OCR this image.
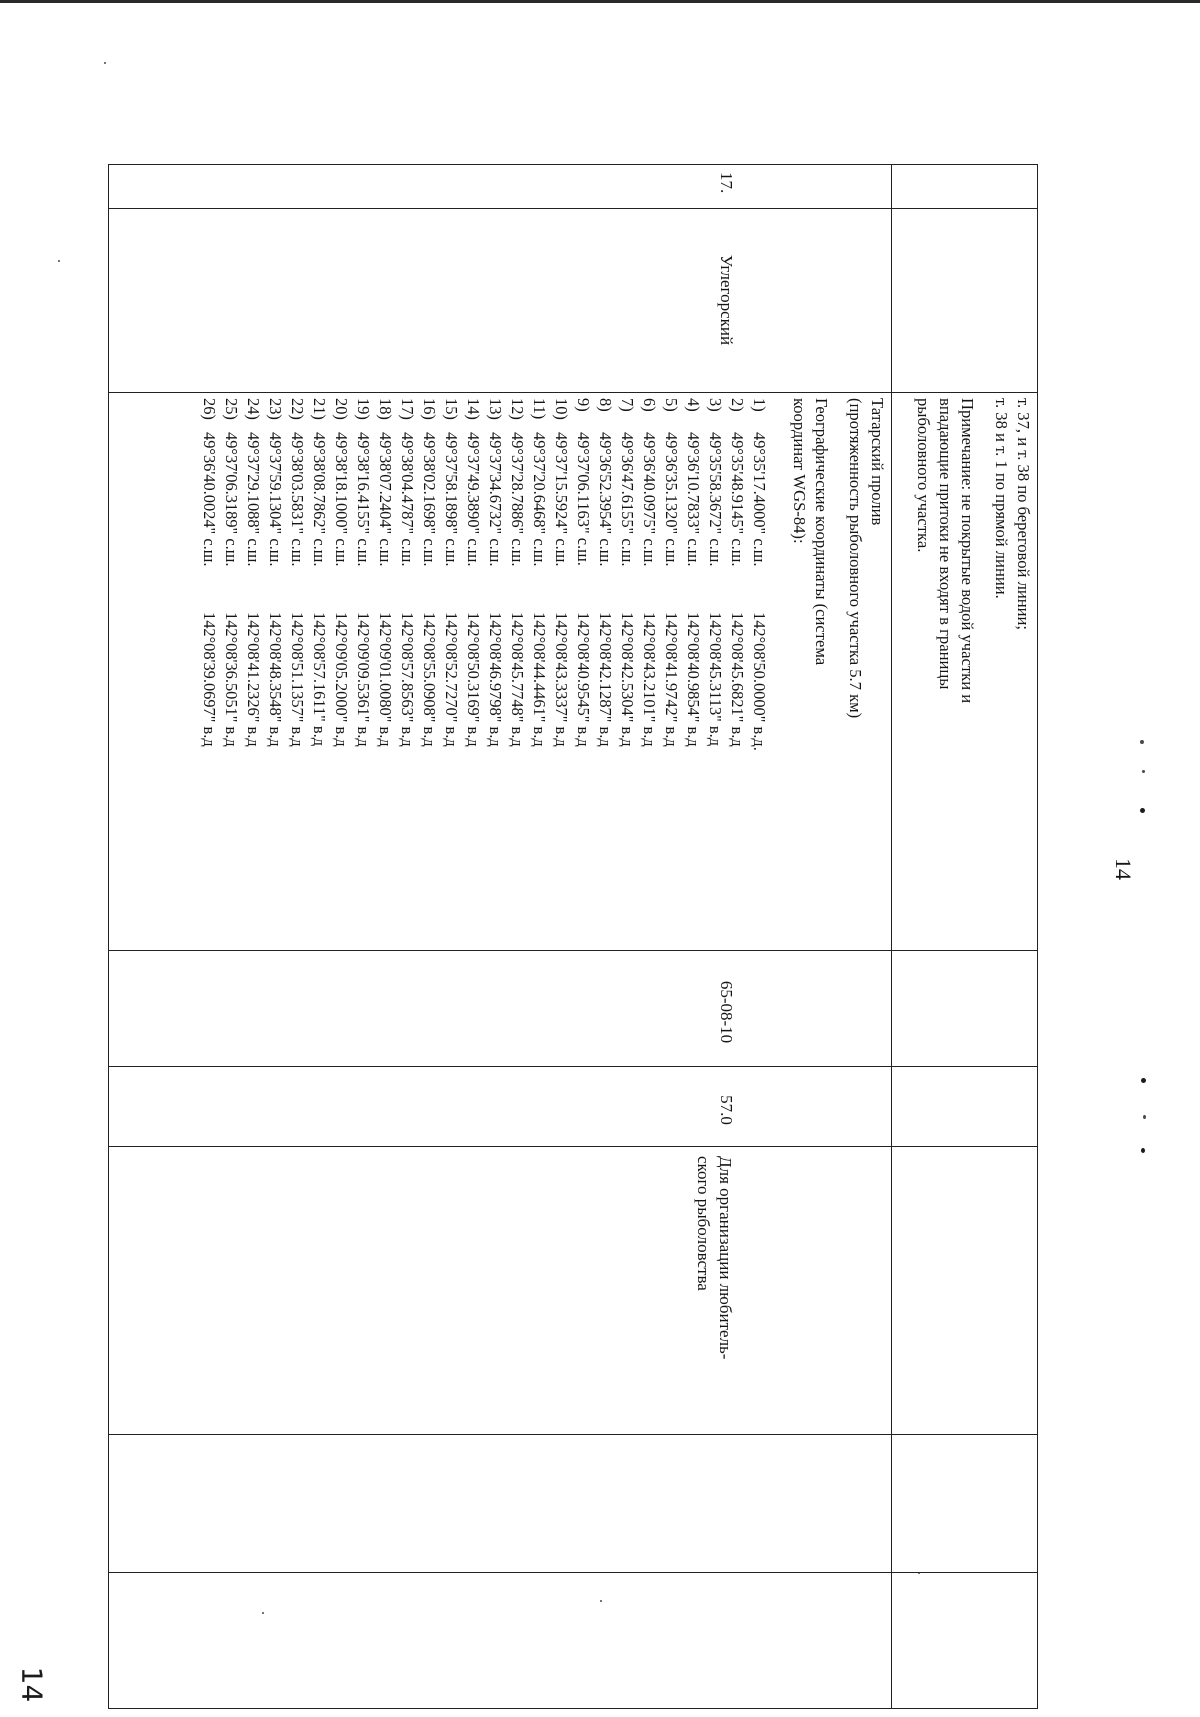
14
14
т. 37, и т. 38 по береговой линии;
т. 38 и т. 1 по прямой линии.
Примечание: не покрытые водой участки и
впадающие притоки не входят в границы
рыболовного участка.
17.
Углегорский
Татарский пролив
(протяженность рыболовного участка 5.7 км)
Географические координаты (система
координат WGS-84):
1)49°35'17.4000" с.ш.142°08'50.0000" в.д.
2)49°35'48.9145" с.ш.142°08'45.6821" в.д
3)49°35'58.3672" с.ш.142°08'45.3113" в.д
4)49°36'10.7833" с.ш.142°08'40.9854" в.д
5)49°36'35.1320" с.ш.142°08'41.9742" в.д
6)49°36'40.0975" с.ш.142°08'43.2101" в.д
7)49°36'47.6155" с.ш.142°08'42.5304" в.д
8)49°36'52.3954" с.ш.142°08'42.1287" в.д
9)49°37'06.1163" с.ш.142°08'40.9545" в.д
10)49°37'15.5924" с.ш.142°08'43.3337" в.д
11)49°37'20.6468" с.ш.142°08'44.4461" в.д
12)49°37'28.7886" с.ш.142°08'45.7748" в.д
13)49°37'34.6732" с.ш.142°08'46.9798" в.д
14)49°37'49.3890" с.ш.142°08'50.3169" в.д
15)49°37'58.1898" с.ш.142°08'52.7270" в.д
16)49°38'02.1698" с.ш.142°08'55.0908" в.д
17)49°38'04.4787" с.ш.142°08'57.8563" в.д
18)49°38'07.2404" с.ш.142°09'01.0080" в.д
19)49°38'16.4155" с.ш.142°09'09.5361" в.д
20)49°38'18.1000" с.ш.142°09'05.2000" в.д
21)49°38'08.7862" с.ш.142°08'57.1611" в.д
22)49°38'03.5831" с.ш.142°08'51.1357" в.д
23)49°37'59.1304" с.ш.142°08'48.3548" в.д
24)49°37'29.1088" с.ш.142°08'41.2326" в.д
25)49°37'06.3189" с.ш.142°08'36.5051" в.д
26)49°36'40.0024" с.ш.142°08'39.0697" в.д
65-08-10
57.0
Для организации любитель-
ского рыболовства
